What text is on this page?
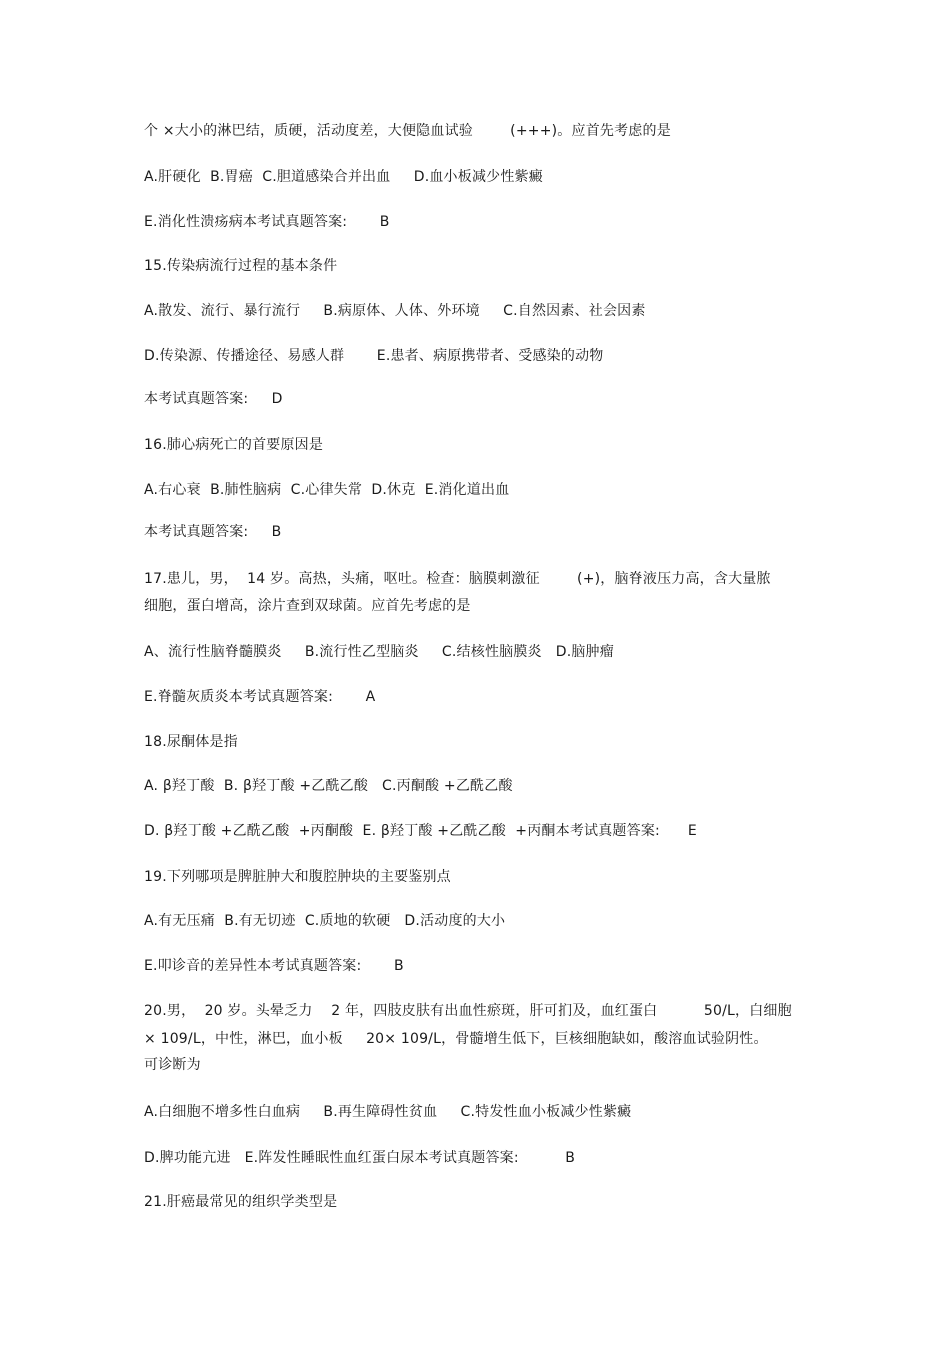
个 ×大小的淋巴结，质硬，活动度差，大便隐血试验        (+++)。应首先考虑的是
A.肝硬化  B.胃癌  C.胆道感染合并出血     D.血小板减少性紫癜
E.消化性溃疡病本考试真题答案:       B
15.传染病流行过程的基本条件
A.散发、流行、暴行流行     B.病原体、人体、外环境     C.自然因素、社会因素
D.传染源、传播途径、易感人群       E.患者、病原携带者、受感染的动物
本考试真题答案:     D
16.肺心病死亡的首要原因是
A.右心衰  B.肺性脑病  C.心律失常  D.休克  E.消化道出血
本考试真题答案:     B
17.患儿，男，  14 岁。高热，头痛，呕吐。检查：脑膜刺激征        (+)，脑脊液压力高，含大量脓
细胞，蛋白增高，涂片查到双球菌。应首先考虑的是
A、流行性脑脊髓膜炎     B.流行性乙型脑炎     C.结核性脑膜炎   D.脑肿瘤
E.脊髓灰质炎本考试真题答案:       A
18.尿酮体是指
A. β羟丁酸  B. β羟丁酸 +乙酰乙酸   C.丙酮酸 +乙酰乙酸
D. β羟丁酸 +乙酰乙酸  +丙酮酸  E. β羟丁酸 +乙酰乙酸  +丙酮本考试真题答案:      E
19.下列哪项是脾脏肿大和腹腔肿块的主要鉴别点
A.有无压痛  B.有无切迹  C.质地的软硬   D.活动度的大小
E.叩诊音的差异性本考试真题答案:       B
20.男，  20 岁。头晕乏力    2 年，四肢皮肤有出血性瘀斑，肝可扪及，血红蛋白          50/L，白细胞
× 109/L，中性，淋巴，血小板     20× 109/L，骨髓增生低下，巨核细胞缺如，酸溶血试验阴性。
可诊断为
A.白细胞不增多性白血病     B.再生障碍性贫血     C.特发性血小板减少性紫癜
D.脾功能亢进   E.阵发性睡眠性血红蛋白尿本考试真题答案:          B
21.肝癌最常见的组织学类型是
